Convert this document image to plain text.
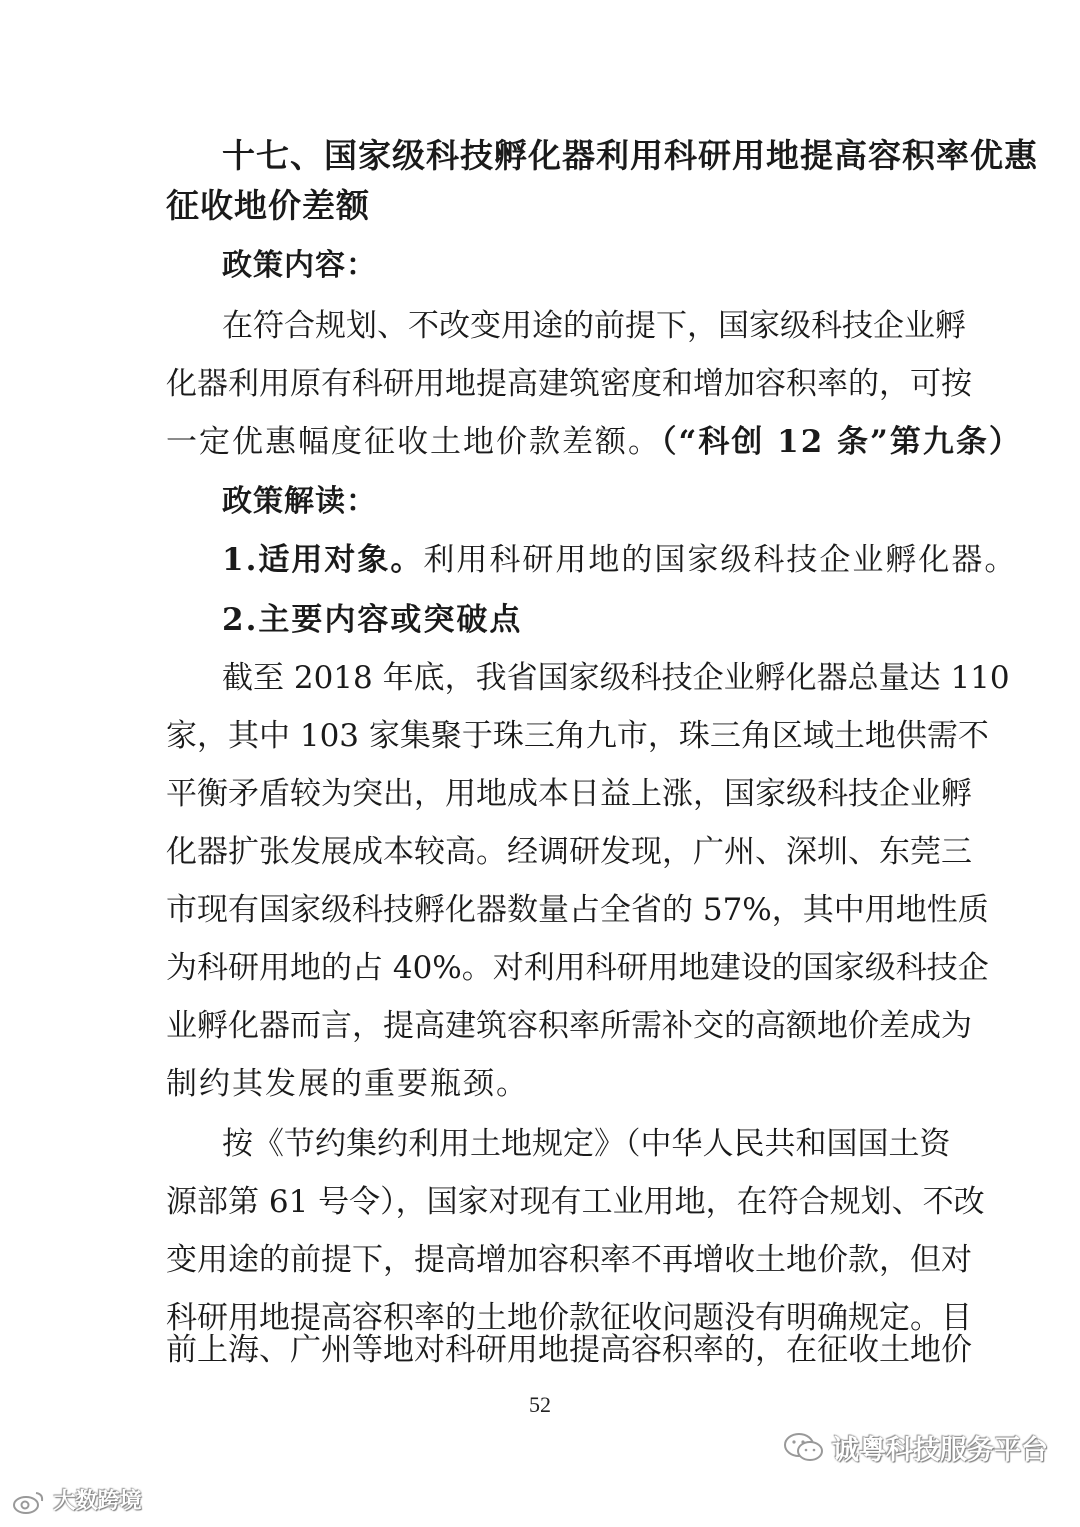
十七、国家级科技孵化器利用科研用地提高容积率优惠
征收地价差额
政策内容：
在符合规划、不改变用途的前提下，国家级科技企业孵
化器利用原有科研用地提高建筑密度和增加容积率的，可按
一定优惠幅度征收土地价款差额。（“科创 12 条”第九条）
政策解读：
1.适用对象。利用科研用地的国家级科技企业孵化器。
2.主要内容或突破点
截至 2018 年底，我省国家级科技企业孵化器总量达 110
家，其中 103 家集聚于珠三角九市，珠三角区域土地供需不
平衡矛盾较为突出，用地成本日益上涨，国家级科技企业孵
化器扩张发展成本较高。经调研发现，广州、深圳、东莞三
市现有国家级科技孵化器数量占全省的 57%，其中用地性质
为科研用地的占 40%。对利用科研用地建设的国家级科技企
业孵化器而言，提高建筑容积率所需补交的高额地价差成为
制约其发展的重要瓶颈。
按《节约集约利用土地规定》（中华人民共和国国土资
源部第 61 号令），国家对现有工业用地，在符合规划、不改
变用途的前提下，提高增加容积率不再增收土地价款，但对
科研用地提高容积率的土地价款征收问题没有明确规定。目
前上海、广州等地对科研用地提高容积率的，在征收土地价
52
诚粤科技服务平台
大数跨境
